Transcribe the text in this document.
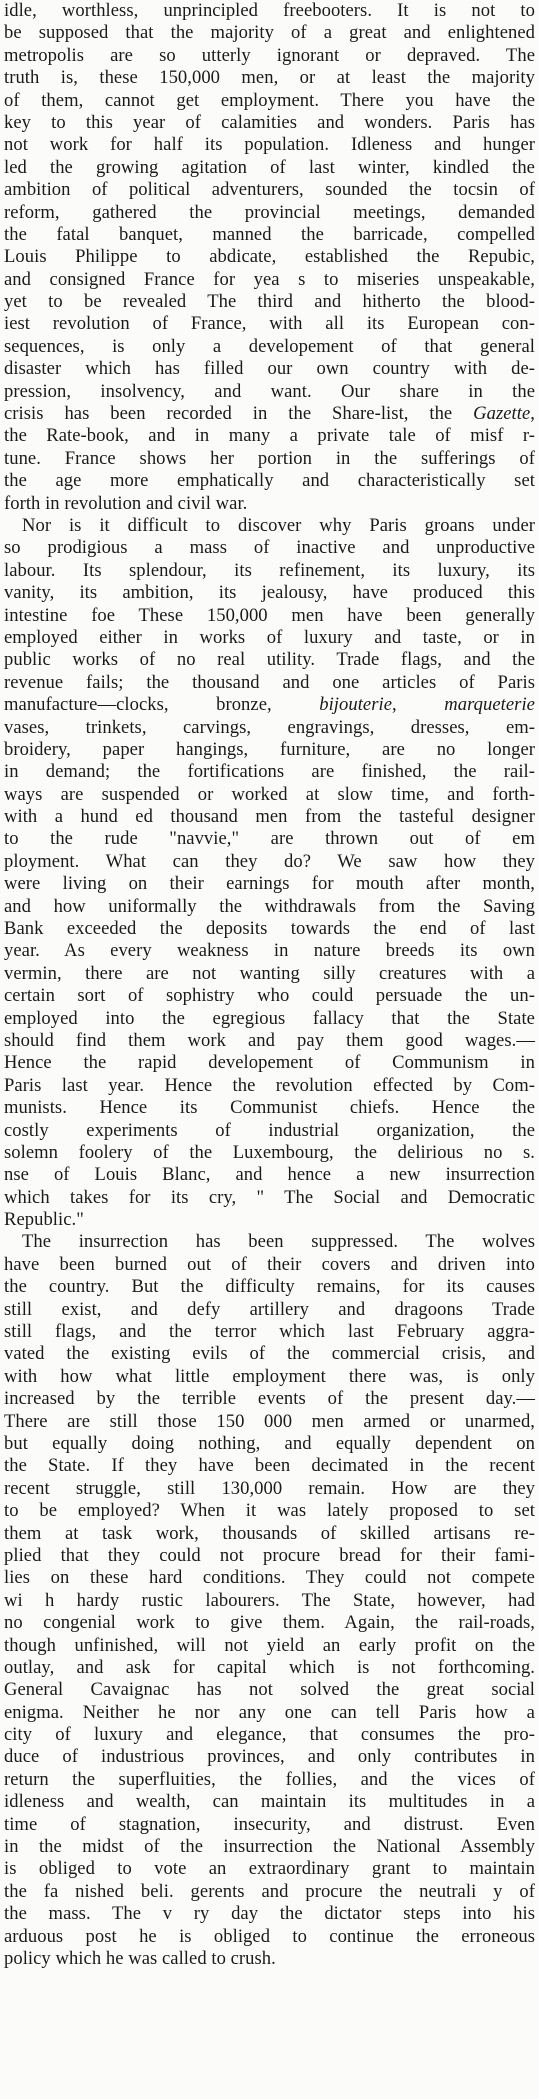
idle, worthless, unprincipled freebooters. It is not to
be supposed that the majority of a great and enlightened
metropolis are so utterly ignorant or depraved. The
truth is, these 150,000 men, or at least the majority
of them, cannot get employment. There you have the
key to this year of calamities and wonders. Paris has
not work for half its population. Idleness and hunger
led the growing agitation of last winter, kindled the
ambition of political adventurers, sounded the tocsin of
reform, gathered the provincial meetings, demanded
the fatal banquet, manned the barricade, compelled
Louis Philippe to abdicate, established the Repubic,
and consigned France for yea s to miseries unspeakable,
yet to be revealed The third and hitherto the blood-
iest revolution of France, with all its European con-
sequences, is only a developement of that general
disaster which has filled our own country with de-
pression, insolvency, and want. Our share in the
crisis has been recorded in the Share-list, the Gazette,
the Rate-book, and in many a private tale of misf r-
tune. France shows her portion in the sufferings of
the age more emphatically and characteristically set
forth in revolution and civil war.
Nor is it difficult to discover why Paris groans under
so prodigious a mass of inactive and unproductive
labour. Its splendour, its refinement, its luxury, its
vanity, its ambition, its jealousy, have produced this
intestine foe These 150,000 men have been generally
employed either in works of luxury and taste, or in
public works of no real utility. Trade flags, and the
revenue fails; the thousand and one articles of Paris
manufacture—clocks, bronze, bijouterie, marqueterie
vases, trinkets, carvings, engravings, dresses, em-
broidery, paper hangings, furniture, are no longer
in demand; the fortifications are finished, the rail-
ways are suspended or worked at slow time, and forth-
with a hund ed thousand men from the tasteful designer
to the rude "navvie," are thrown out of em
ployment. What can they do? We saw how they
were living on their earnings for mouth after month,
and how uniformally the withdrawals from the Saving
Bank exceeded the deposits towards the end of last
year. As every weakness in nature breeds its own
vermin, there are not wanting silly creatures with a
certain sort of sophistry who could persuade the un-
employed into the egregious fallacy that the State
should find them work and pay them good wages.—
Hence the rapid developement of Communism in
Paris last year. Hence the revolution effected by Com-
munists. Hence its Communist chiefs. Hence the
costly experiments of industrial organization, the
solemn foolery of the Luxembourg, the delirious no s.
nse of Louis Blanc, and hence a new insurrection
which takes for its cry, " The Social and Democratic
Republic."
The insurrection has been suppressed. The wolves
have been burned out of their covers and driven into
the country. But the difficulty remains, for its causes
still exist, and defy artillery and dragoons Trade
still flags, and the terror which last February aggra-
vated the existing evils of the commercial crisis, and
with how what little employment there was, is only
increased by the terrible events of the present day.—
There are still those 150 000 men armed or unarmed,
but equally doing nothing, and equally dependent on
the State. If they have been decimated in the recent
recent struggle, still 130,000 remain. How are they
to be employed? When it was lately proposed to set
them at task work, thousands of skilled artisans re-
plied that they could not procure bread for their fami-
lies on these hard conditions. They could not compete
wi h hardy rustic labourers. The State, however, had
no congenial work to give them. Again, the rail-roads,
though unfinished, will not yield an early profit on the
outlay, and ask for capital which is not forthcoming.
General Cavaignac has not solved the great social
enigma. Neither he nor any one can tell Paris how a
city of luxury and elegance, that consumes the pro-
duce of industrious provinces, and only contributes in
return the superfluities, the follies, and the vices of
idleness and wealth, can maintain its multitudes in a
time of stagnation, insecurity, and distrust. Even
in the midst of the insurrection the National Assembly
is obliged to vote an extraordinary grant to maintain
the fa nished beli. gerents and procure the neutrali y of
the mass. The v ry day the dictator steps into his
arduous post he is obliged to continue the erroneous
policy which he was called to crush.
